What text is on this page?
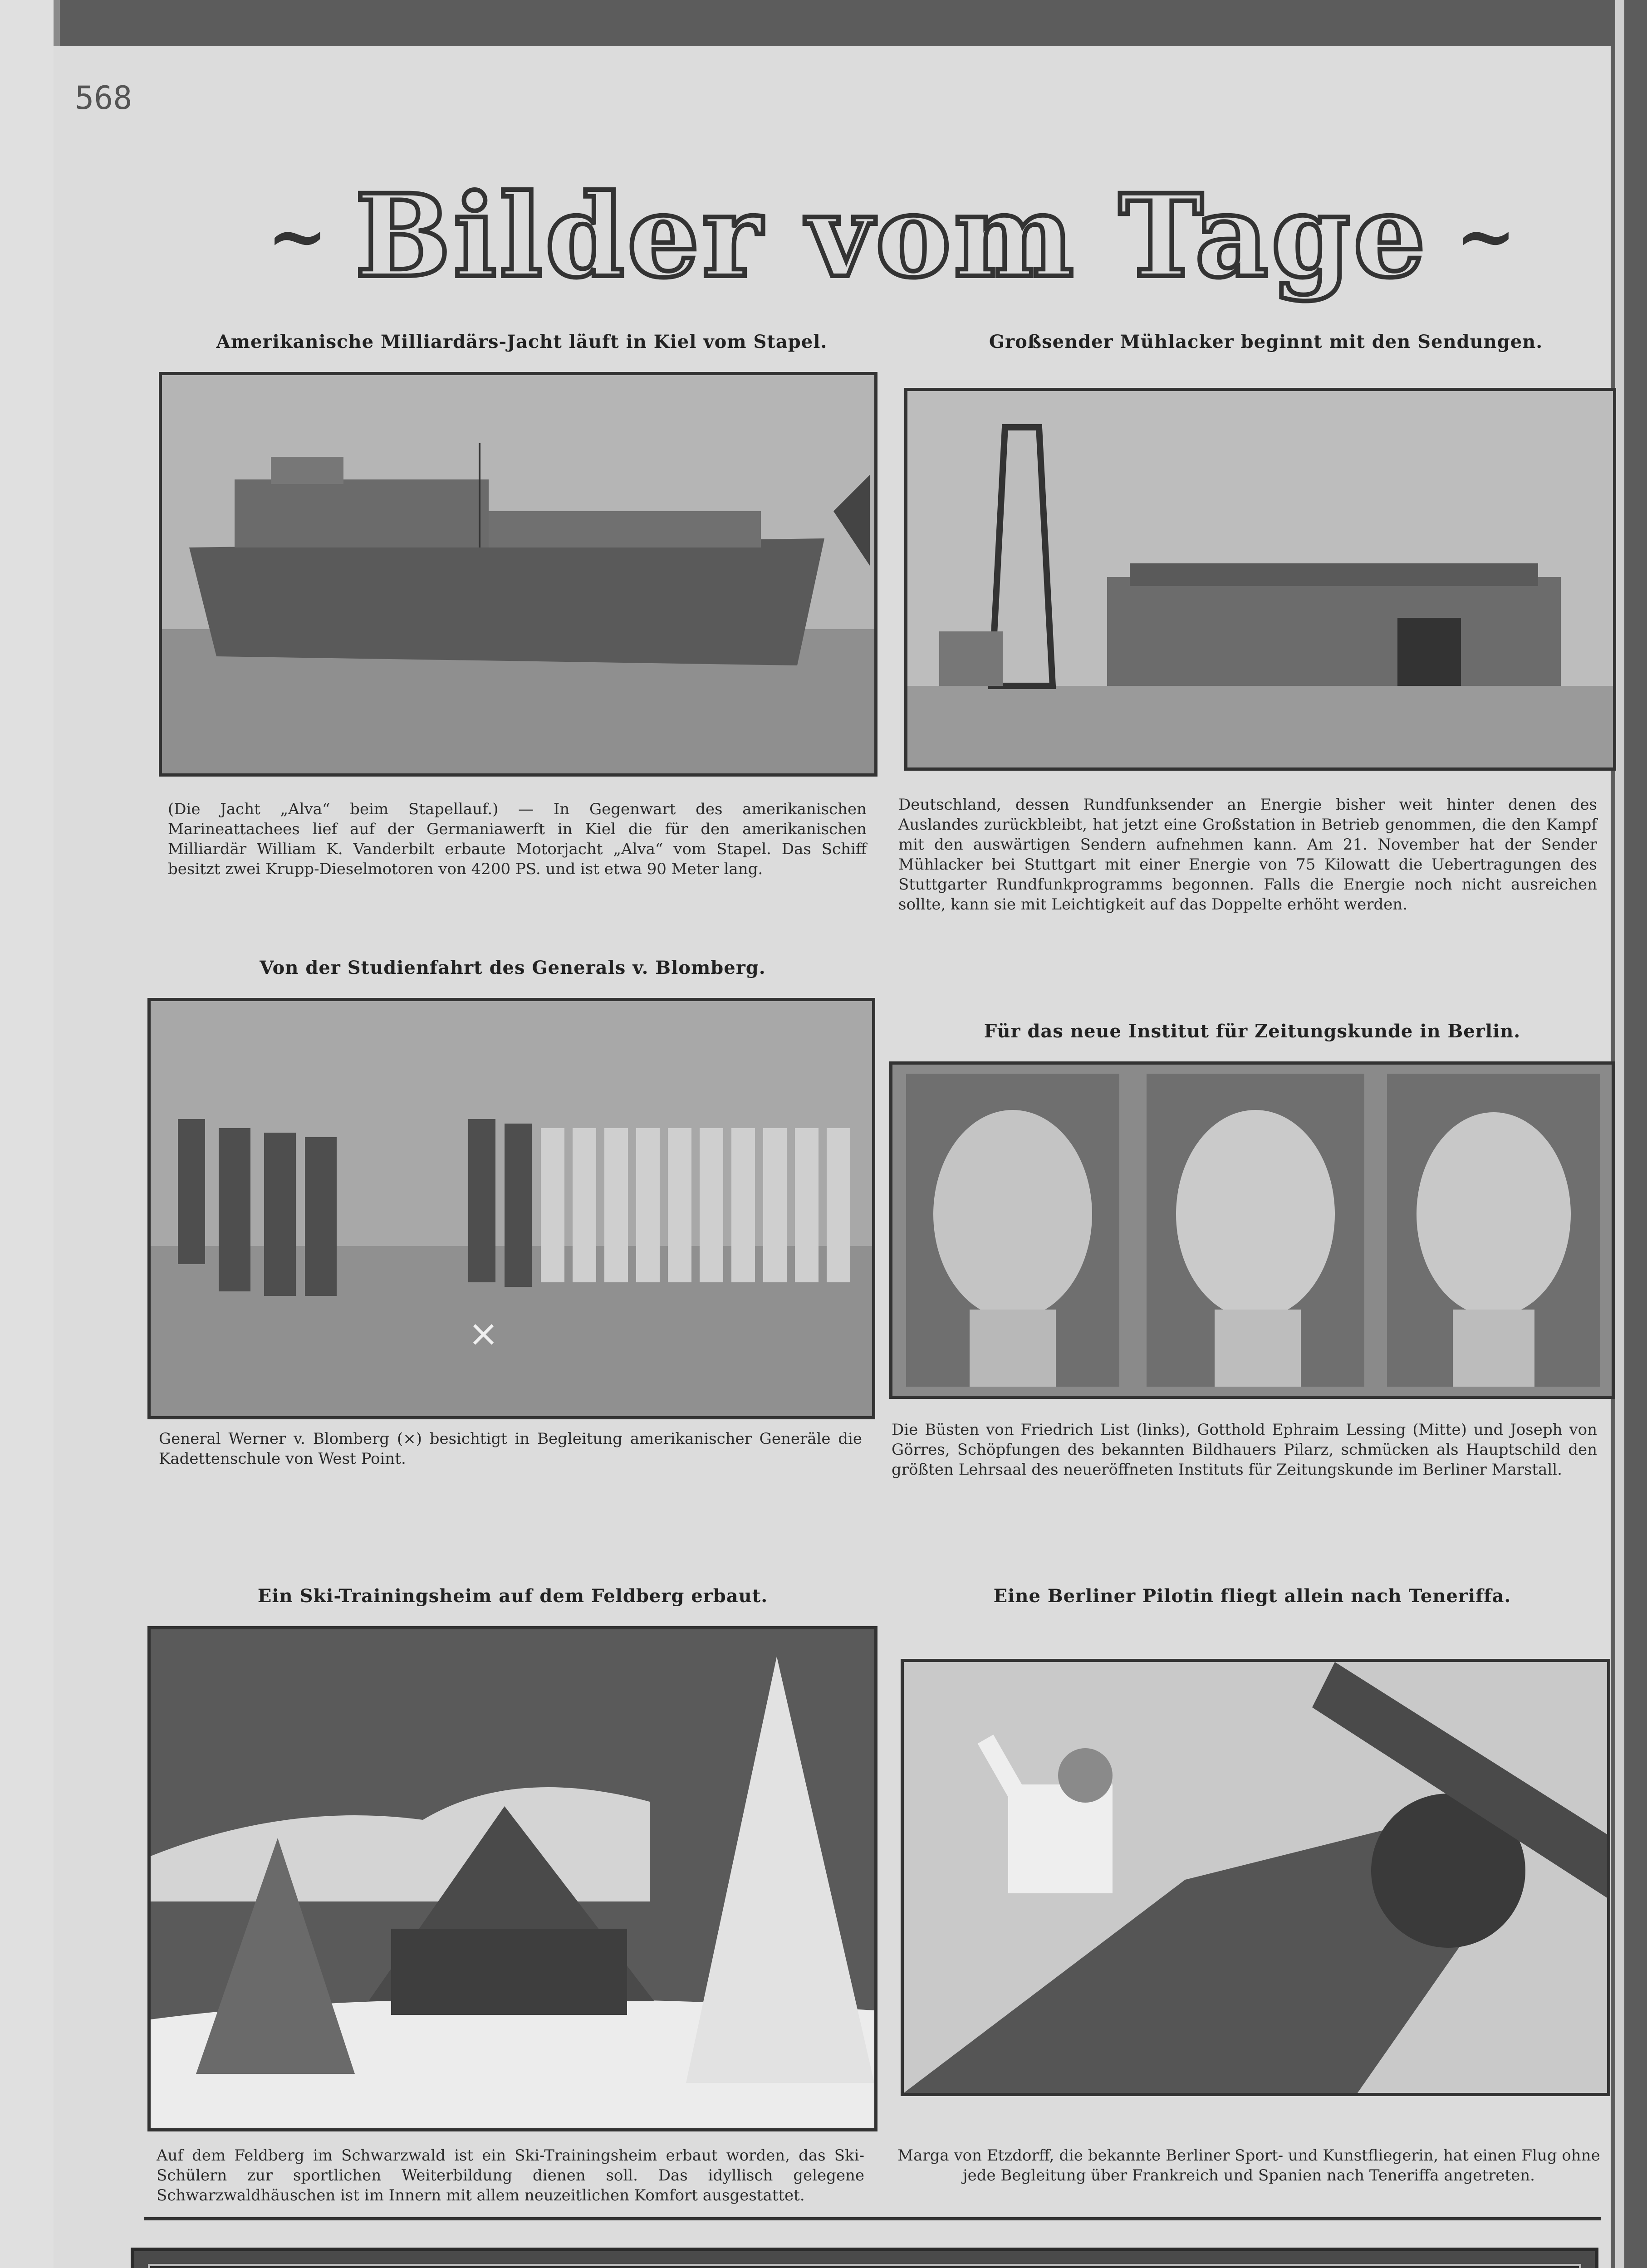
568
~ Bilder vom Tage ~
Amerikanische Milliardärs-Jacht läuft in Kiel vom Stapel.
(Die Jacht „Alva“ beim Stapellauf.) — In Gegenwart des amerikanischen Marineattachees lief auf der Germaniawerft in Kiel die für den amerikanischen Milliardär William K. Vanderbilt erbaute Motorjacht „Alva“ vom Stapel. Das Schiff besitzt zwei Krupp-Dieselmotoren von 4200 PS. und ist etwa 90 Meter lang.
Großsender Mühlacker beginnt mit den Sendungen.
Deutschland, dessen Rundfunksender an Energie bisher weit hinter denen des Auslandes zurückbleibt, hat jetzt eine Großstation in Betrieb genommen, die den Kampf mit den auswärtigen Sendern aufnehmen kann. Am 21. November hat der Sender Mühlacker bei Stuttgart mit einer Energie von 75 Kilowatt die Uebertragungen des Stuttgarter Rundfunkprogramms begonnen. Falls die Energie noch nicht ausreichen sollte, kann sie mit Leichtigkeit auf das Doppelte erhöht werden.
Von der Studienfahrt des Generals v. Blomberg.
×
General Werner v. Blomberg (×) besichtigt in Begleitung amerikanischer Generäle die Kadettenschule von West Point.
Für das neue Institut für Zeitungskunde in Berlin.
Die Büsten von Friedrich List (links), Gotthold Ephraim Lessing (Mitte) und Joseph von Görres, Schöpfungen des bekannten Bildhauers Pilarz, schmücken als Hauptschild den größten Lehrsaal des neueröffneten Instituts für Zeitungskunde im Berliner Marstall.
Ein Ski-Trainingsheim auf dem Feldberg erbaut.
Auf dem Feldberg im Schwarzwald ist ein Ski-Trainingsheim erbaut worden, das Ski-Schülern zur sportlichen Weiterbildung dienen soll. Das idyllisch gelegene Schwarzwaldhäuschen ist im Innern mit allem neuzeitlichen Komfort ausgestattet.
Eine Berliner Pilotin fliegt allein nach Teneriffa.
Marga von Etzdorff, die bekannte Berliner Sport- und Kunstfliegerin, hat einen Flug ohne jede Begleitung über Frankreich und Spanien nach Teneriffa angetreten.
